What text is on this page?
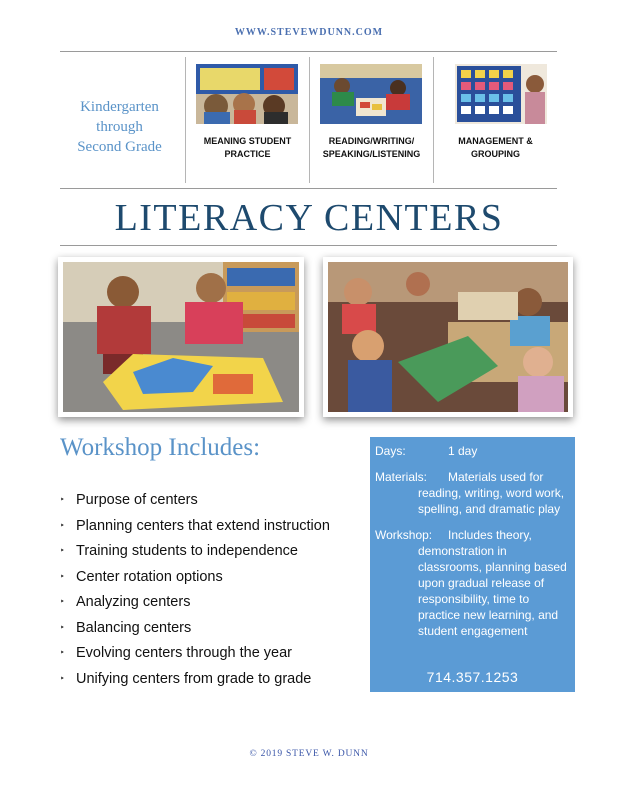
WWW.STEVEWDUNN.COM
Kindergarten
through
Second Grade	MEANING STUDENT
PRACTICE
READING/WRITING/
SPEAKING/LISTENING
MANAGEMENT &
GROUPING
LITERACY CENTERS
Workshop Includes:
‣ Purpose of centers
‣ Planning centers that extend instruction
‣ Training students to independence
‣ Center rotation options
‣ Analyzing centers
‣ Balancing centers
‣ Evolving centers through the year
‣ Unifying centers from grade to grade
Days:	1 day
Materials: Materials used for
reading, writing, word work,
spelling, and dramatic play
Workshop: Includes theory,
demonstration in
classrooms, planning based
upon gradual release of
responsibility, time to
practice new learning, and
student engagement
714.357.1253
© 2019 STEVE W. DUNN
